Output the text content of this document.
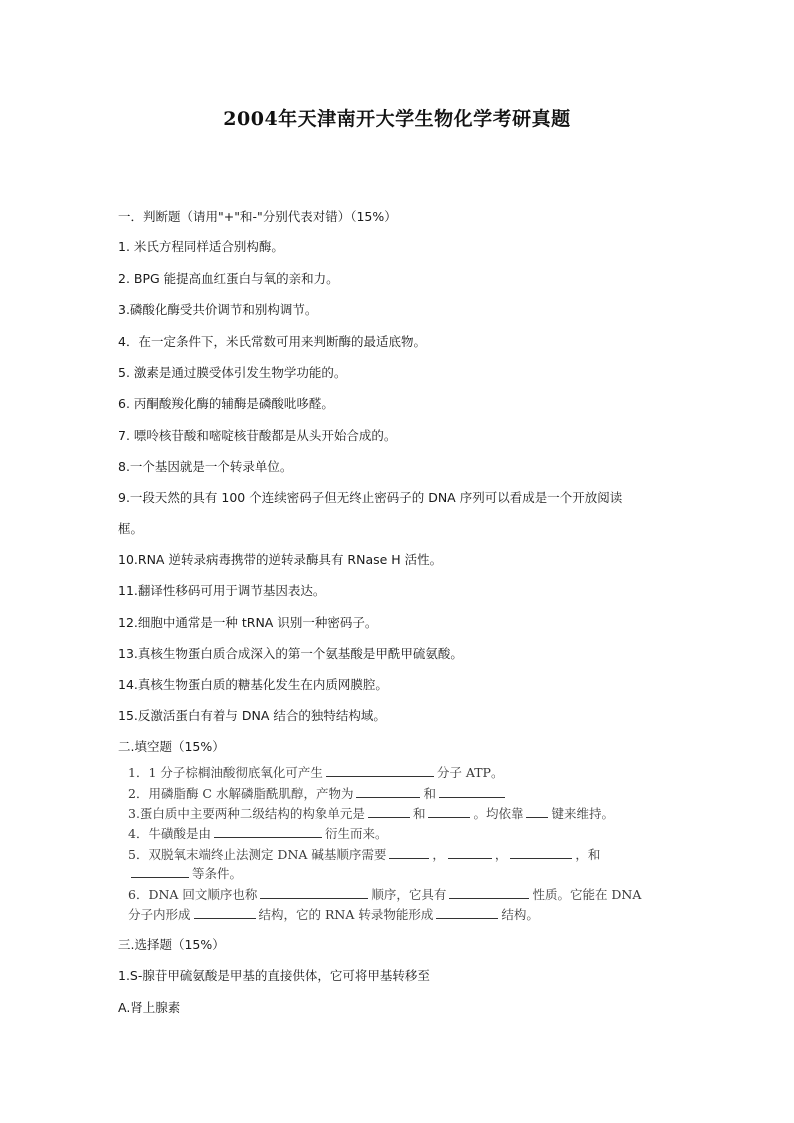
2004年天津南开大学生物化学考研真题
一．判断题（请用"+"和-"分别代表对错）（15%）
1. 米氏方程同样适合别构酶。
2. BPG 能提高血红蛋白与氧的亲和力。
3.磷酸化酶受共价调节和别构调节。
4．在一定条件下，米氏常数可用来判断酶的最适底物。
5. 激素是通过膜受体引发生物学功能的。
6. 丙酮酸羧化酶的辅酶是磷酸吡哆醛。
7. 嘌呤核苷酸和嘧啶核苷酸都是从头开始合成的。
8.一个基因就是一个转录单位。
9.一段天然的具有 100 个连续密码子但无终止密码子的 DNA 序列可以看成是一个开放阅读
框。
10.RNA 逆转录病毒携带的逆转录酶具有 RNase H 活性。
11.翻译性移码可用于调节基因表达。
12.细胞中通常是一种 tRNA 识别一种密码子。
13.真核生物蛋白质合成深入的第一个氨基酸是甲酰甲硫氨酸。
14.真核生物蛋白质的糖基化发生在内质网膜腔。
15.反激活蛋白有着与 DNA 结合的独特结构域。
二.填空题（15%）
1．1 分子棕榈油酸彻底氧化可产生	分子 ATP。
2．用磷脂酶 C 水解磷脂酰肌醇，产物为	和
3.蛋白质中主要两种二级结构的构象单元是	和	。均依靠 键来维持。
4．牛磺酸是由	衍生而来。
5．双脱氧末端终止法测定 DNA 碱基顺序需要	，	，	，和
等条件。
6．DNA 回文顺序也称	顺序，它具有	性质。它能在 DNA
分子内形成	结构，它的 RNA 转录物能形成	结构。
三.选择题（15%）
1.S-腺苷甲硫氨酸是甲基的直接供体，它可将甲基转移至
A.肾上腺素
